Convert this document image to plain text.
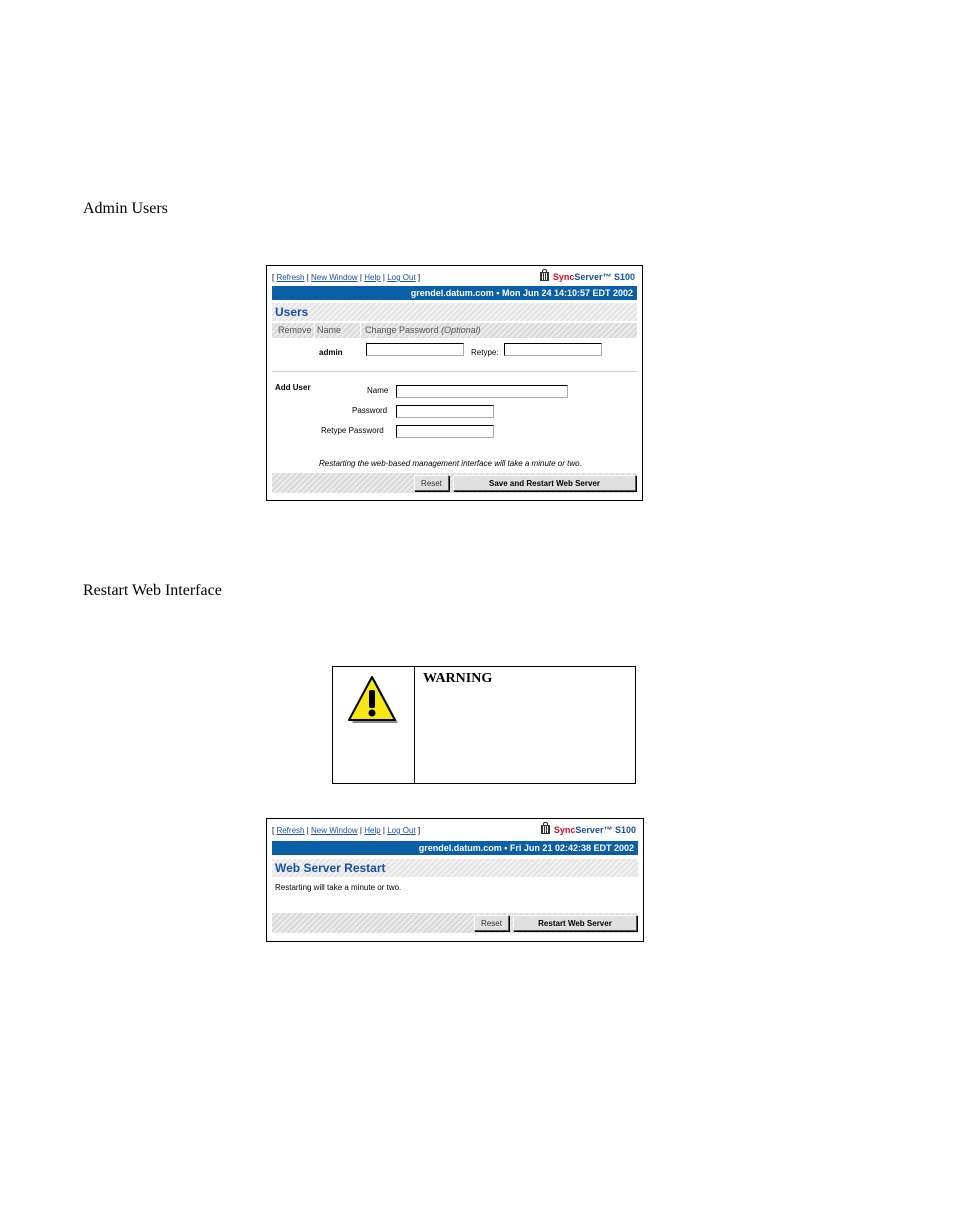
Admin Users
[ Refresh | New Window | Help | Log Out ]	SyncServer™ S100
grendel.datum.com • Mon Jun 24 14:10:57 EDT 2002
Users
Remove Name	Change Password (Optional)
admin	Retype:
Add User	Name
Password
Retype Password
Restarting the web-based management interface will take a minute or two.
Reset	Save and Restart Web Server
Restart Web Interface
WARNING
[ Refresh | New Window | Help | Log Out ]	SyncServer™ S100
grendel.datum.com • Fri Jun 21 02:42:38 EDT 2002
Web Server Restart
Restarting will take a minute or two.
Reset	Restart Web Server
